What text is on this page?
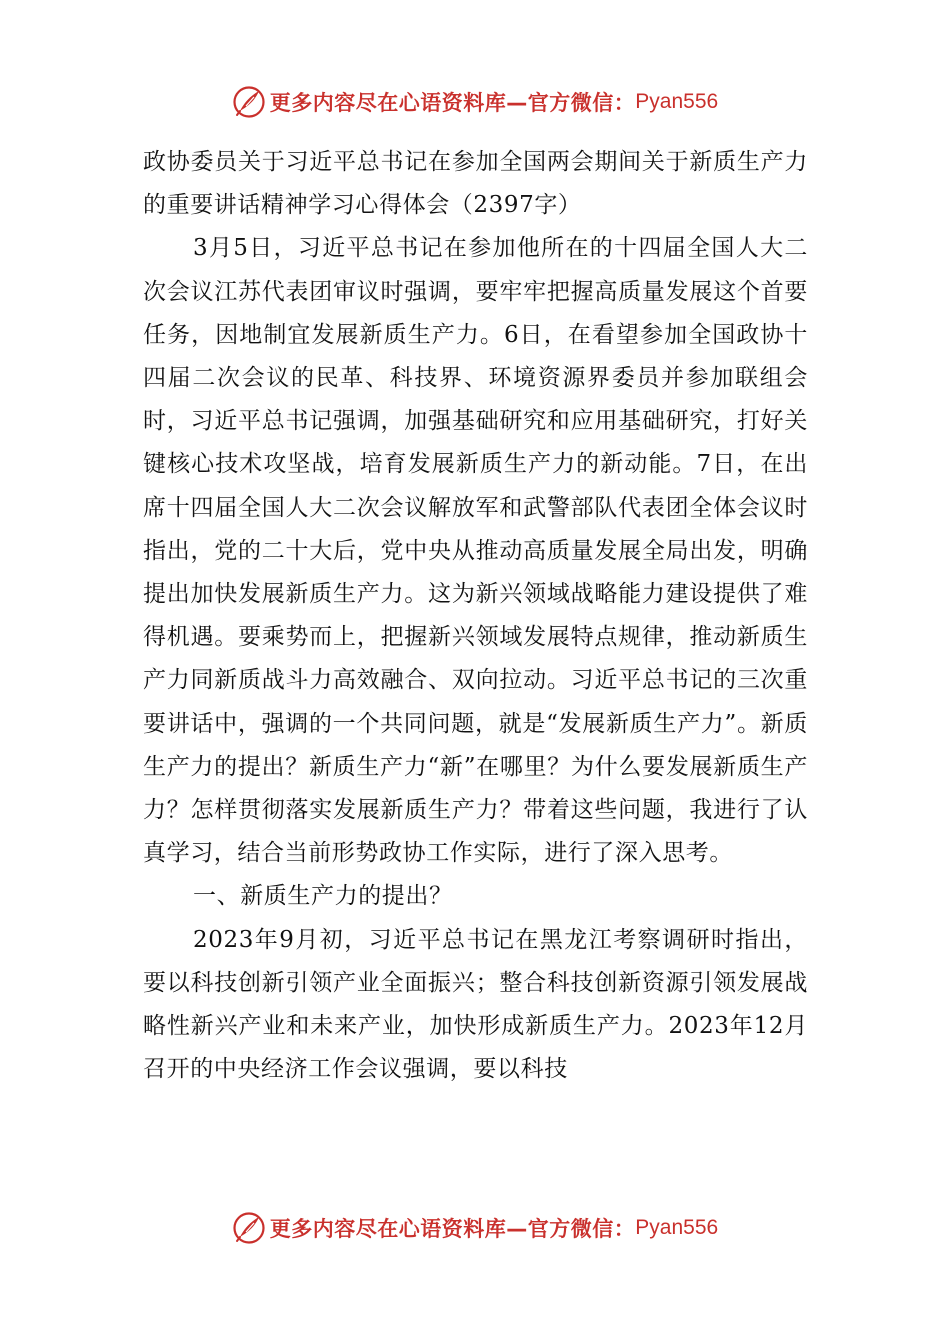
更多内容尽在心语资料库—官方微信： Pyan556

政协委员关于习近平总书记在参加全国两会期间关于新质生产力的重要讲话精神学习心得体会（2397字）

3月5日，习近平总书记在参加他所在的十四届全国人大二次会议江苏代表团审议时强调，要牢牢把握高质量发展这个首要任务，因地制宜发展新质生产力。6日，在看望参加全国政协十四届二次会议的民革、科技界、环境资源界委员并参加联组会时，习近平总书记强调，加强基础研究和应用基础研究，打好关键核心技术攻坚战，培育发展新质生产力的新动能。7日，在出席十四届全国人大二次会议解放军和武警部队代表团全体会议时指出，党的二十大后，党中央从推动高质量发展全局出发，明确提出加快发展新质生产力。这为新兴领域战略能力建设提供了难得机遇。要乘势而上，把握新兴领域发展特点规律，推动新质生产力同新质战斗力高效融合、双向拉动。习近平总书记的三次重要讲话中，强调的一个共同问题，就是“发展新质生产力”。新质生产力的提出？新质生产力“新”在哪里？为什么要发展新质生产力？怎样贯彻落实发展新质生产力？带着这些问题，我进行了认真学习，结合当前形势政协工作实际，进行了深入思考。

一、新质生产力的提出？

2023年9月初，习近平总书记在黑龙江考察调研时指出，要以科技创新引领产业全面振兴；整合科技创新资源引领发展战略性新兴产业和未来产业，加快形成新质生产力。2023年12月召开的中央经济工作会议强调，要以科技

更多内容尽在心语资料库—官方微信： Pyan556
